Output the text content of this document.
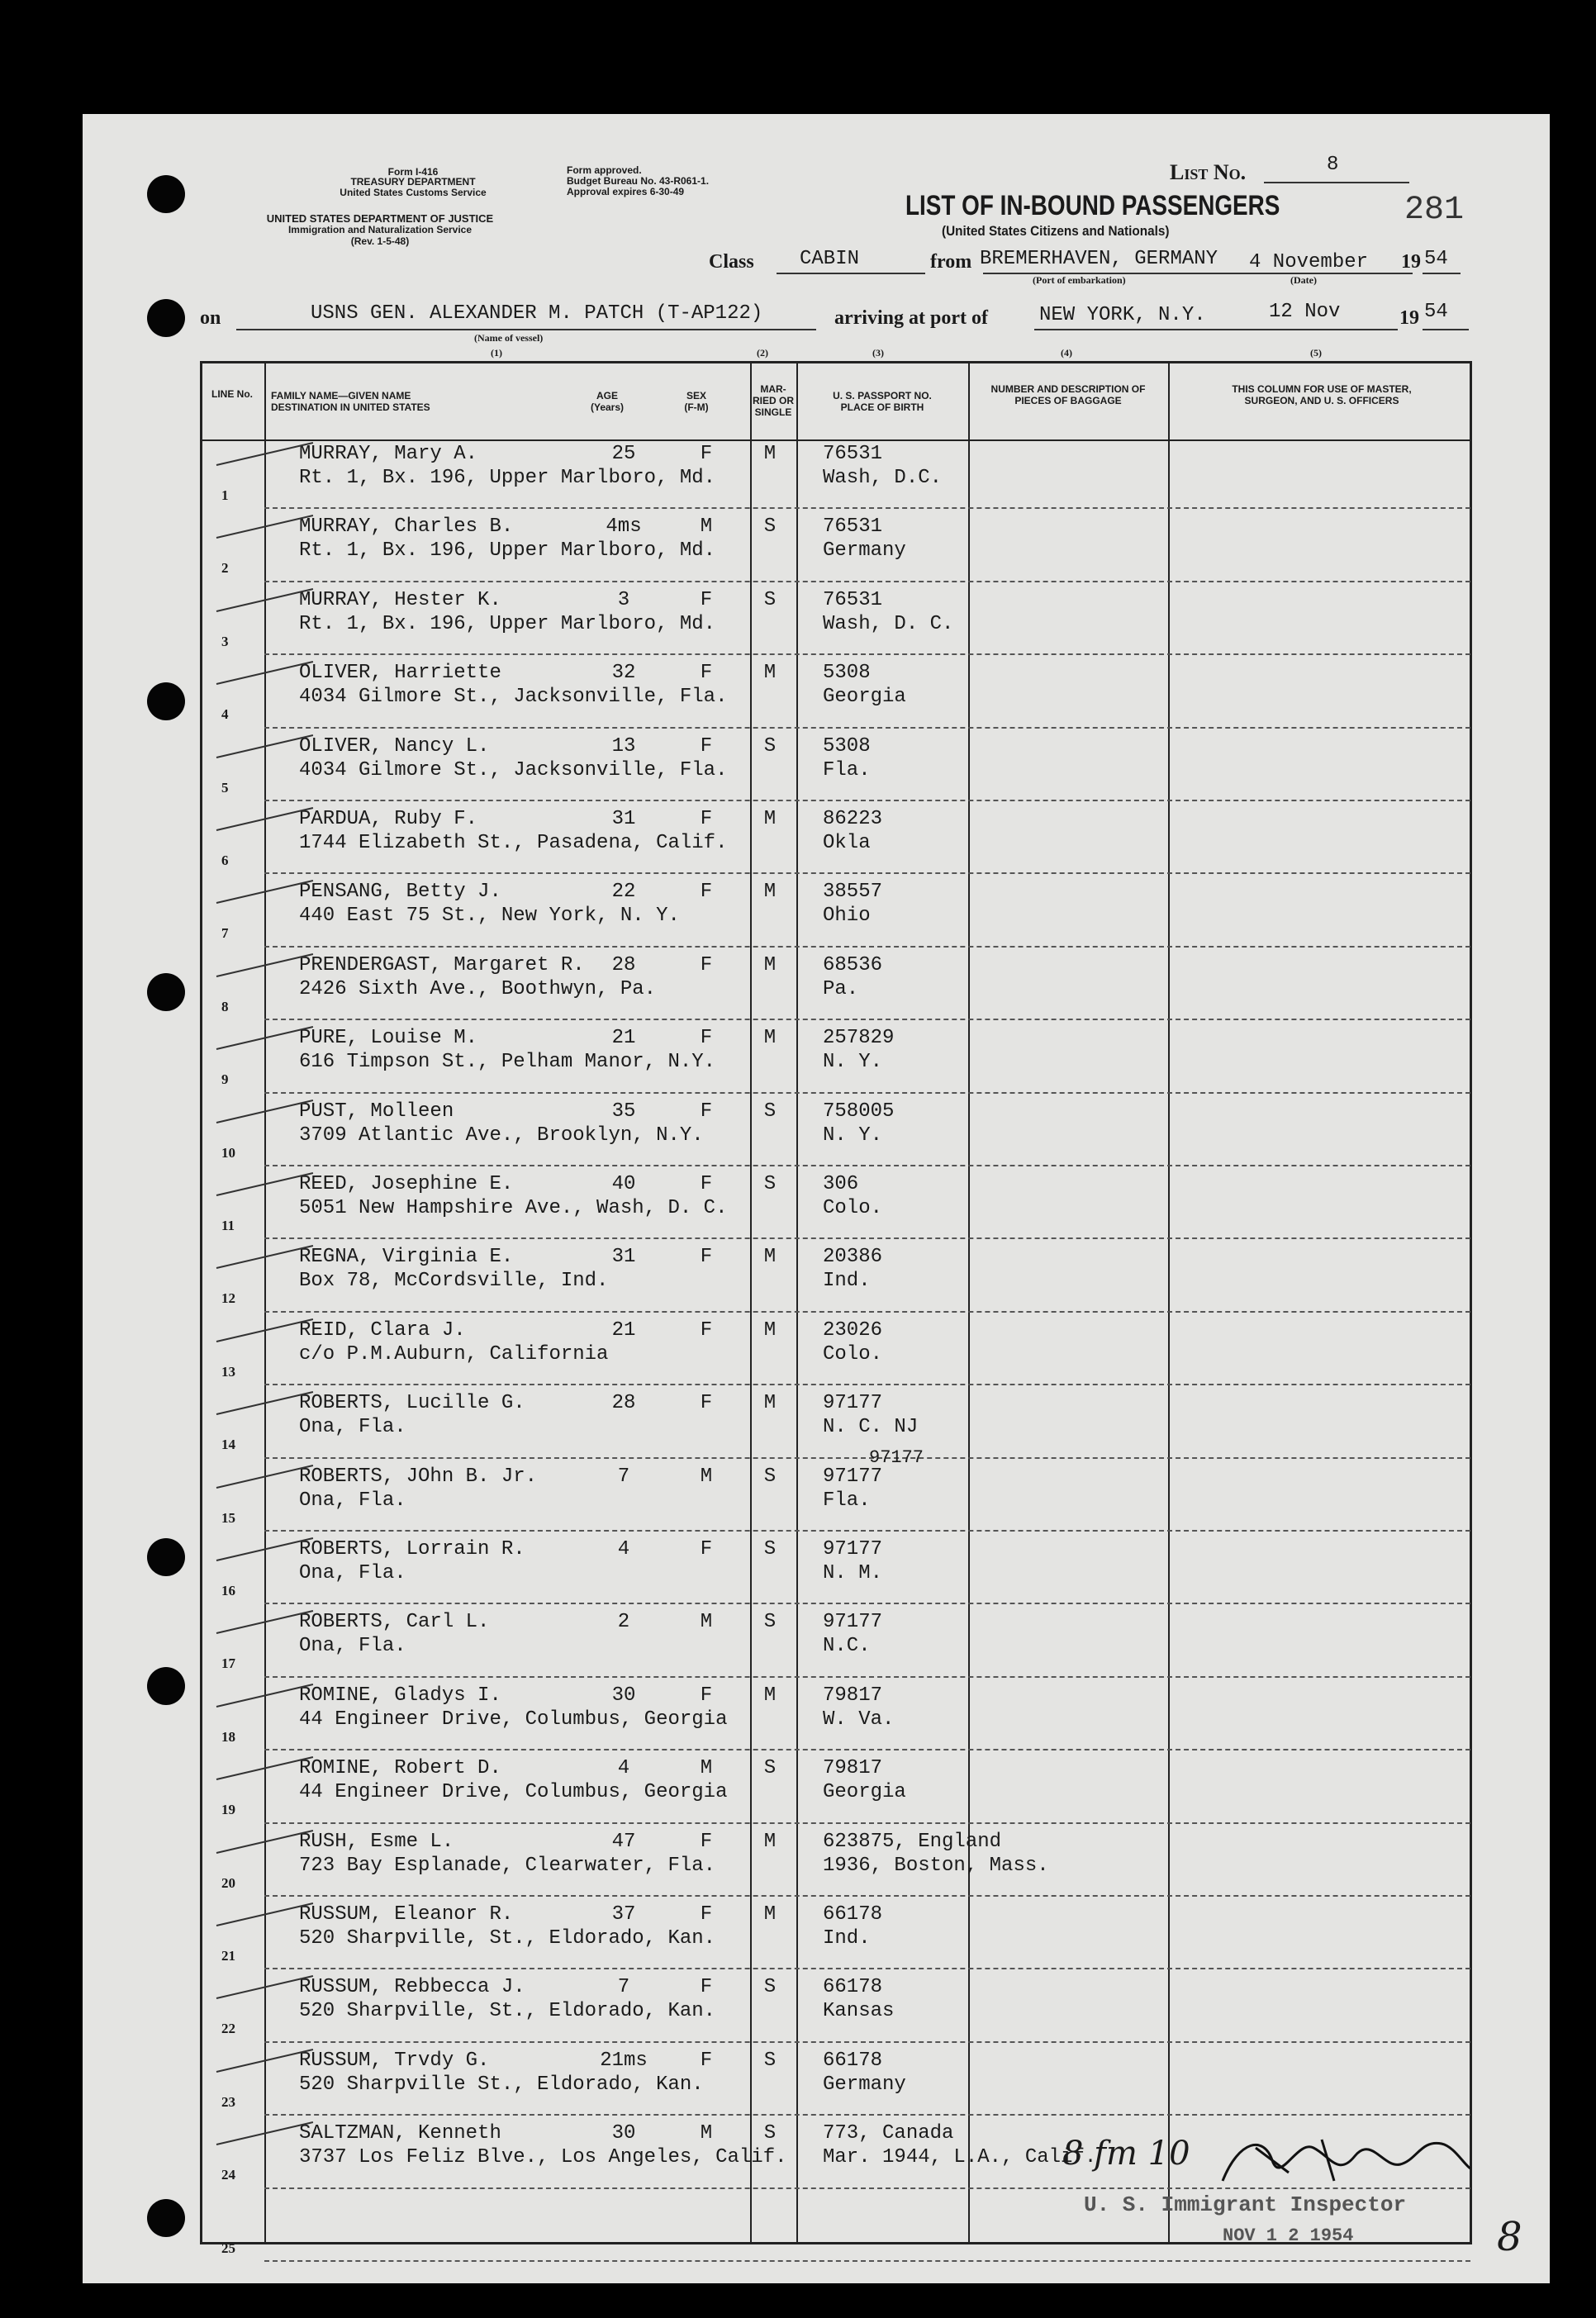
Form I-416
TREASURY DEPARTMENT
United States Customs Service
UNITED STATES DEPARTMENT OF JUSTICE
Immigration and Naturalization Service
(Rev. 1-5-48)
Form approved.
Budget Bureau No. 43-R061-1.
Approval expires 6-30-49
List No.	8
LIST OF IN-BOUND PASSENGERS
(United States Citizens and Nationals)
281
Class CABIN	from BREMERHAVEN, GERMANY 4 November 19 54
(Port of embarkation)	(Date)
on	USNS GEN. ALEXANDER M. PATCH (T-AP122)
(Name of vessel)
arriving at port of	NEW YORK, N.Y.	12 Nov	19 54
(1)	(2)	(3)	(4)	(5)
LINE No. FAMILY NAME—GIVEN NAME
DESTINATION IN UNITED STATES
AGE
(Years)
SEX
(F-M)
MAR-RIED OR SINGLE
U. S. PASSPORT NO.
PLACE OF BIRTH
NUMBER AND DESCRIPTION OF PIECES OF BAGGAGE
THIS COLUMN FOR USE OF MASTER, SURGEON, AND U. S. OFFICERS
1
MURRAY, Mary A.
Rt. 1, Bx. 196, Upper Marlboro, Md.
25	F	M	76531
Wash, D.C.
2
MURRAY, Charles B.
Rt. 1, Bx. 196, Upper Marlboro, Md.
4ms	M	S	76531
Germany
3
MURRAY, Hester K.
Rt. 1, Bx. 196, Upper Marlboro, Md.
3	F	S	76531
Wash, D. C.
4
OLIVER, Harriette
4034 Gilmore St., Jacksonville, Fla.
32	F	M	5308
Georgia
5
OLIVER, Nancy L.
4034 Gilmore St., Jacksonville, Fla.
13	F	S	5308
Fla.
6
PARDUA, Ruby F.
1744 Elizabeth St., Pasadena, Calif.
31	F	M	86223
Okla
7
PENSANG, Betty J.
440 East 75 St., New York, N. Y.
22	F	M	38557
Ohio
8
PRENDERGAST, Margaret R.
2426 Sixth Ave., Boothwyn, Pa.
28	F	M	68536
Pa.
9
PURE, Louise M.
616 Timpson St., Pelham Manor, N.Y.
21	F	M	257829
N. Y.
10
PUST, Molleen
3709 Atlantic Ave., Brooklyn, N.Y.
35	F	S	758005
N. Y.
11
REED, Josephine E.
5051 New Hampshire Ave., Wash, D. C.
40	F	S	306
Colo.
12
REGNA, Virginia E.
Box 78, McCordsville, Ind.
31	F	M	20386
Ind.
13
REID, Clara J.
c/o P.M.Auburn, California
21	F	M	23026
Colo.
14
ROBERTS, Lucille G.
Ona, Fla.
28	F	M	97177
N. C. NJ
15
ROBERTS, JOhn B. Jr.
Ona, Fla.
7	M	S	97177
Fla.
16
ROBERTS, Lorrain R.
Ona, Fla.
4	F	S	97177
N. M.
17
ROBERTS, Carl L.
Ona, Fla.
2	M	S	97177
N.C.
18
ROMINE, Gladys I.
44 Engineer Drive, Columbus, Georgia
30	F	M	79817
W. Va.
19
ROMINE, Robert D.
44 Engineer Drive, Columbus, Georgia
4	M	S	79817
Georgia
20
RUSH, Esme L.
723 Bay Esplanade, Clearwater, Fla.
47	F	M	623875, England
1936, Boston, Mass.
21
RUSSUM, Eleanor R.
520 Sharpville, St., Eldorado, Kan.
37	F	M	66178
Ind.
22
RUSSUM, Rebbecca J.
520 Sharpville, St., Eldorado, Kan.
7	F	S	66178
Kansas
23
RUSSUM, Trvdy G.
520 Sharpville St., Eldorado, Kan.
21ms	F	S	66178
Germany
24
SALTZMAN, Kenneth
3737 Los Feliz Blve., Los Angeles, Calif.
30	M	S	773, Canada
Mar. 1944, L.A., Calif.
25
97177
8 fm 10
U. S. Immigrant Inspector
NOV 1 2 1954	8
